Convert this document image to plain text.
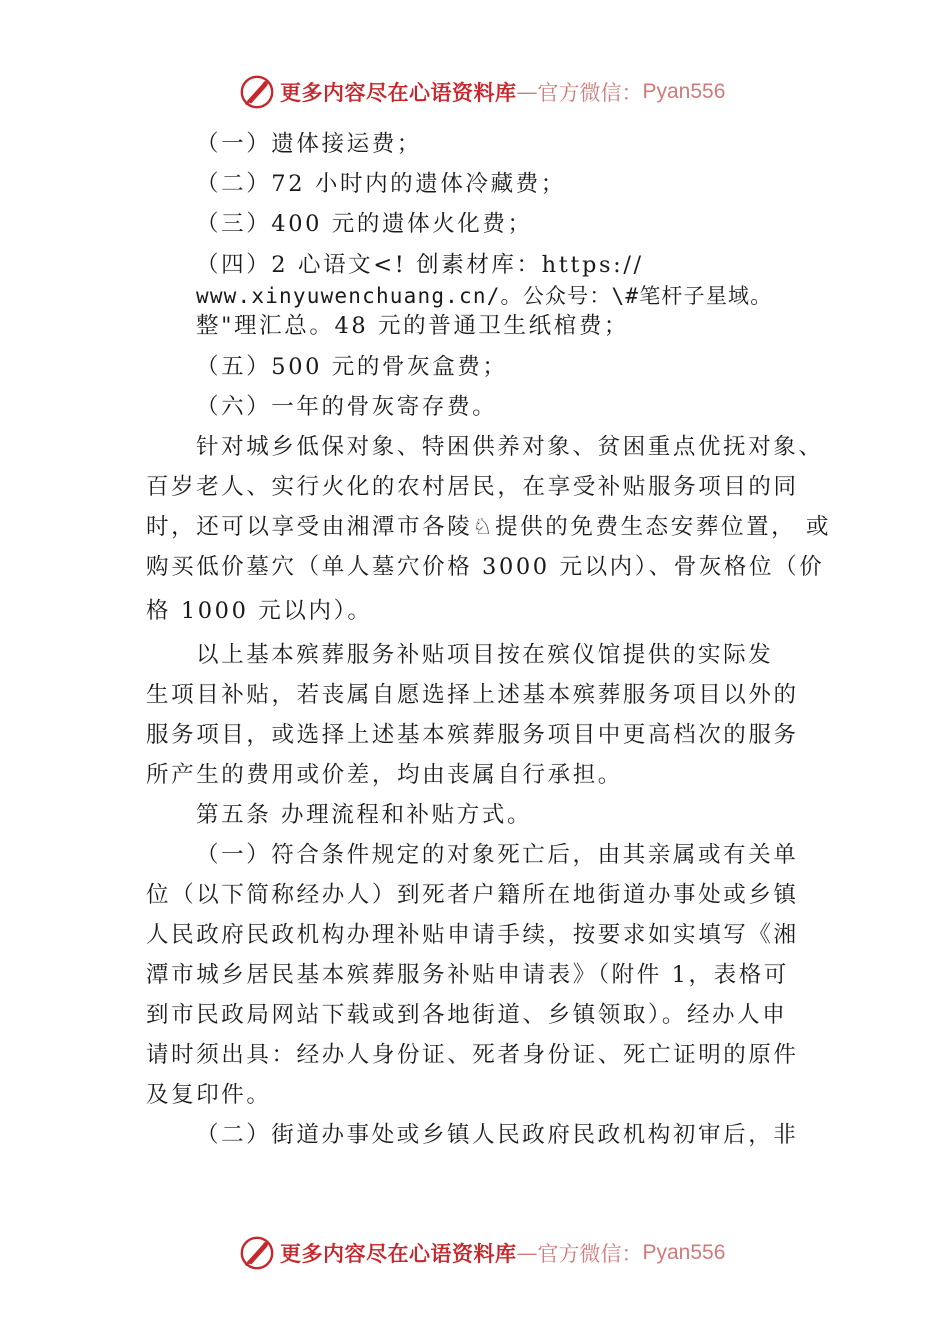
更多内容尽在心语资料库 — 官方微信： Pyan556

（一）遗体接运费；

（二）72 小时内的遗体冷藏费；

（三）400 元的遗体火化费；

（四）2 心语文<! 创素材库：https://

www.xinyuwenchuang.cn/。公众号：\#笔杆子星域。

整"理汇总。48 元的普通卫生纸棺费；

（五）500 元的骨灰盒费；

（六）一年的骨灰寄存费。

针对城乡低保对象、特困供养对象、贫困重点优抚对象、

百岁老人、实行火化的农村居民，在享受补贴服务项目的同

时，还可以享受由湘潭市各陵♘提供的免费生态安葬位置， 或

购买低价墓穴（单人墓穴价格 3000 元以内）、骨灰格位（价

格 1000 元以内）。

以上基本殡葬服务补贴项目按在殡仪馆提供的实际发

生项目补贴，若丧属自愿选择上述基本殡葬服务项目以外的

服务项目，或选择上述基本殡葬服务项目中更高档次的服务

所产生的费用或价差，均由丧属自行承担。

第五条 办理流程和补贴方式。

（一）符合条件规定的对象死亡后，由其亲属或有关单

位（以下简称经办人）到死者户籍所在地街道办事处或乡镇

人民政府民政机构办理补贴申请手续，按要求如实填写《湘

潭市城乡居民基本殡葬服务补贴申请表》（附件 1，表格可

到市民政局网站下载或到各地街道、乡镇领取）。经办人申

请时须出具：经办人身份证、死者身份证、死亡证明的原件

及复印件。

（二）街道办事处或乡镇人民政府民政机构初审后，非

更多内容尽在心语资料库 — 官方微信： Pyan556
